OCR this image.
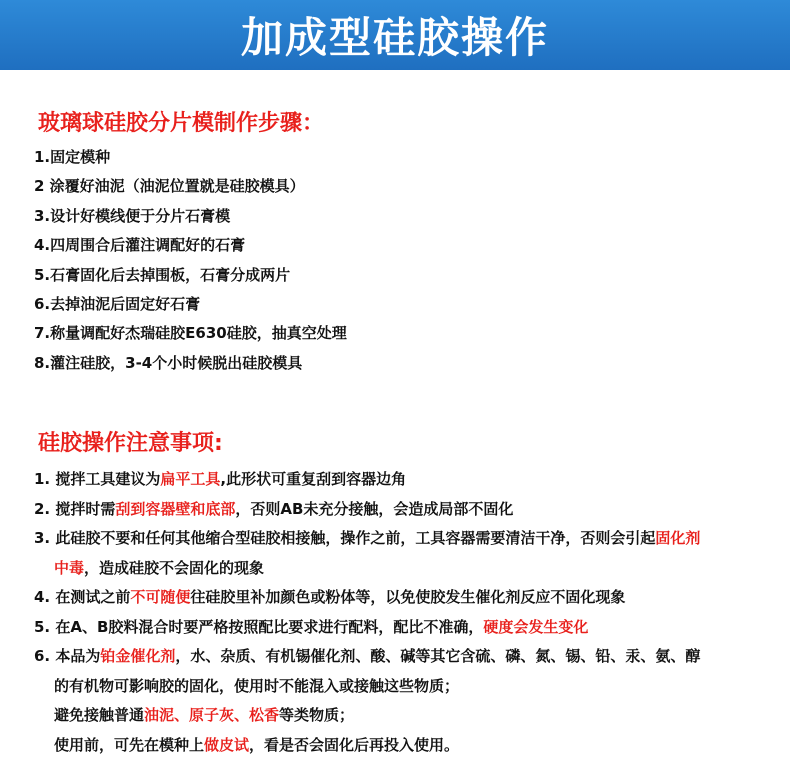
加成型硅胶操作
玻璃球硅胶分片模制作步骤：
1.固定模种
2 涂覆好油泥（油泥位置就是硅胶模具）
3.设计好模线便于分片石膏模
4.四周围合后灌注调配好的石膏
5.石膏固化后去掉围板，石膏分成两片
6.去掉油泥后固定好石膏
7.称量调配好杰瑞硅胶E630硅胶，抽真空处理
8.灌注硅胶，3-4个小时候脱出硅胶模具
硅胶操作注意事项:
1. 搅拌工具建议为扁平工具,此形状可重复刮到容器边角
2. 搅拌时需刮到容器壁和底部，否则AB未充分接触，会造成局部不固化
3. 此硅胶不要和任何其他缩合型硅胶相接触，操作之前，工具容器需要清洁干净，否则会引起固化剂
中毒，造成硅胶不会固化的现象
4. 在测试之前不可随便往硅胶里补加颜色或粉体等，以免使胶发生催化剂反应不固化现象
5. 在A、B胶料混合时要严格按照配比要求进行配料，配比不准确，硬度会发生变化
6. 本品为铂金催化剂，水、杂质、有机锡催化剂、酸、碱等其它含硫、磷、氮、锡、铅、汞、氨、醇
的有机物可影响胶的固化，使用时不能混入或接触这些物质；
避免接触普通油泥、原子灰、松香等类物质；
使用前，可先在模种上做皮试，看是否会固化后再投入使用。
